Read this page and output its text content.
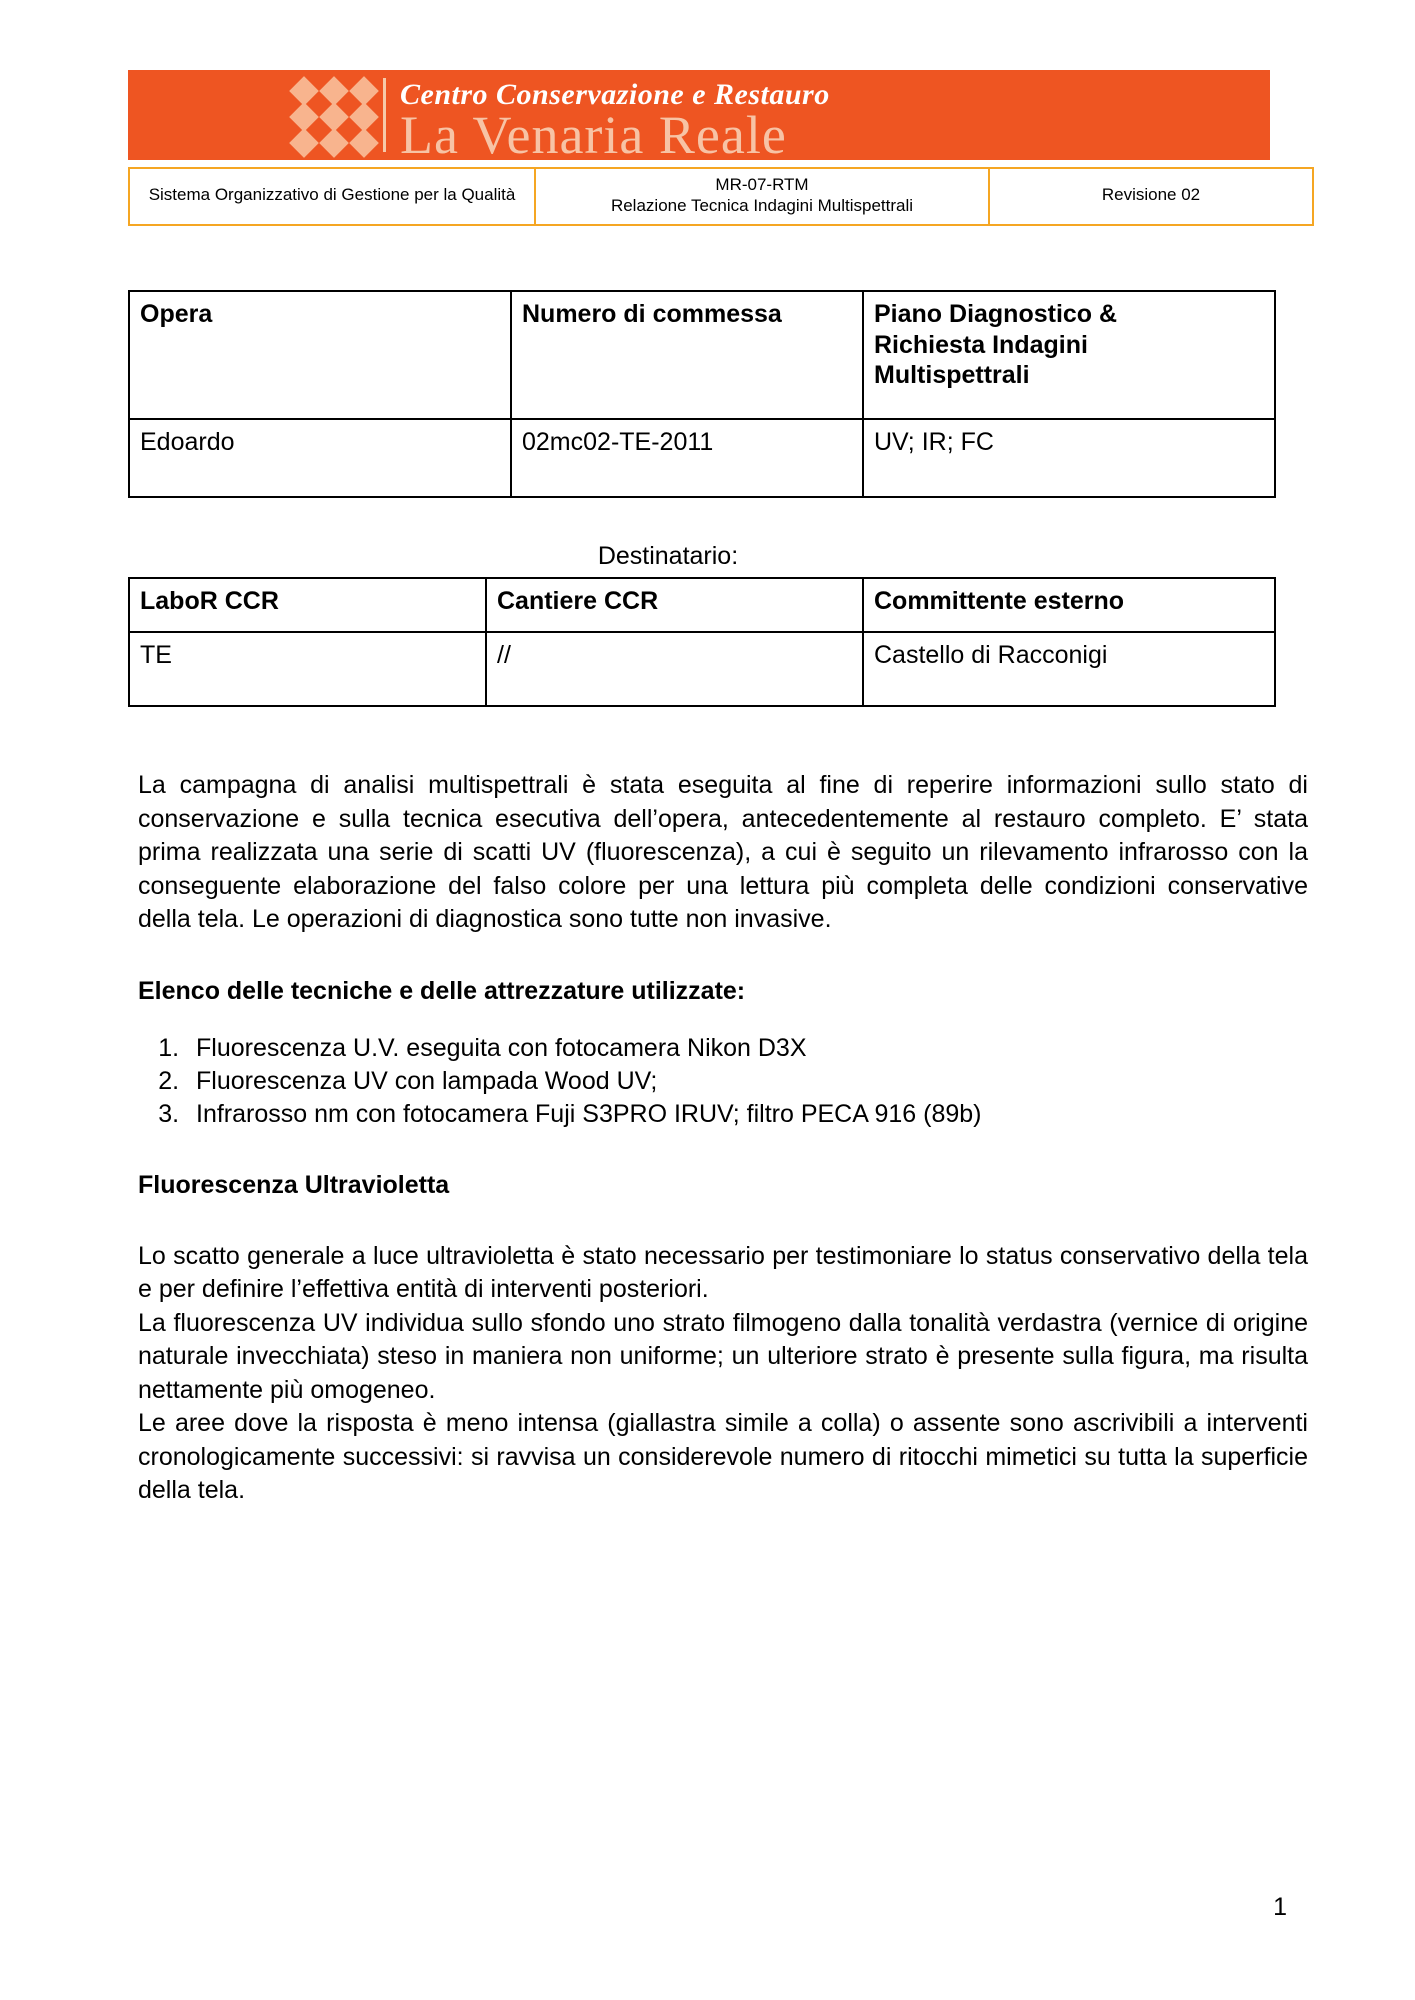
Centro Conservazione e Restauro
La Venaria Reale
Sistema Organizzativo di Gestione per la Qualità	
MR-07-RTM
Relazione Tecnica Indagini Multispettrali
	Revisione 02
Opera	Numero di commessa	Piano Diagnostico &
Richiesta Indagini
Multispettrali

Edoardo	02mc02-TE-2011	UV; IR; FC
Destinatario:
LaboR CCR	Cantiere CCR	Committente esterno
TE	//	Castello di Racconigi

La campagna di analisi multispettrali è stata eseguita al fine di reperire informazioni sullo stato di conservazione e sulla tecnica esecutiva dell’opera, antecedentemente al restauro completo. E’ stata prima realizzata una serie di scatti UV (fluorescenza), a cui è seguito un rilevamento infrarosso con la conseguente elaborazione del falso colore per una lettura più completa delle condizioni conservative della tela. Le operazioni di diagnostica sono tutte non invasive.

Elenco delle tecniche e delle attrezzature utilizzate:
1. Fluorescenza U.V. eseguita con fotocamera Nikon D3X
2. Fluorescenza UV con lampada Wood UV;
3. Infrarosso nm con fotocamera Fuji S3PRO IRUV; filtro PECA 916 (89b)
Fluorescenza Ultravioletta

Lo scatto generale a luce ultravioletta è stato necessario per testimoniare lo status conservativo della tela e per definire l’effettiva entità di interventi posteriori.

La fluorescenza UV individua sullo sfondo uno strato filmogeno dalla tonalità verdastra (vernice di origine naturale invecchiata) steso in maniera non uniforme; un ulteriore strato è presente sulla figura, ma risulta nettamente più omogeneo.

Le aree dove la risposta è meno intensa (giallastra simile a colla) o assente sono ascrivibili a interventi cronologicamente successivi: si ravvisa un considerevole numero di ritocchi mimetici su tutta la superficie della tela.

1
